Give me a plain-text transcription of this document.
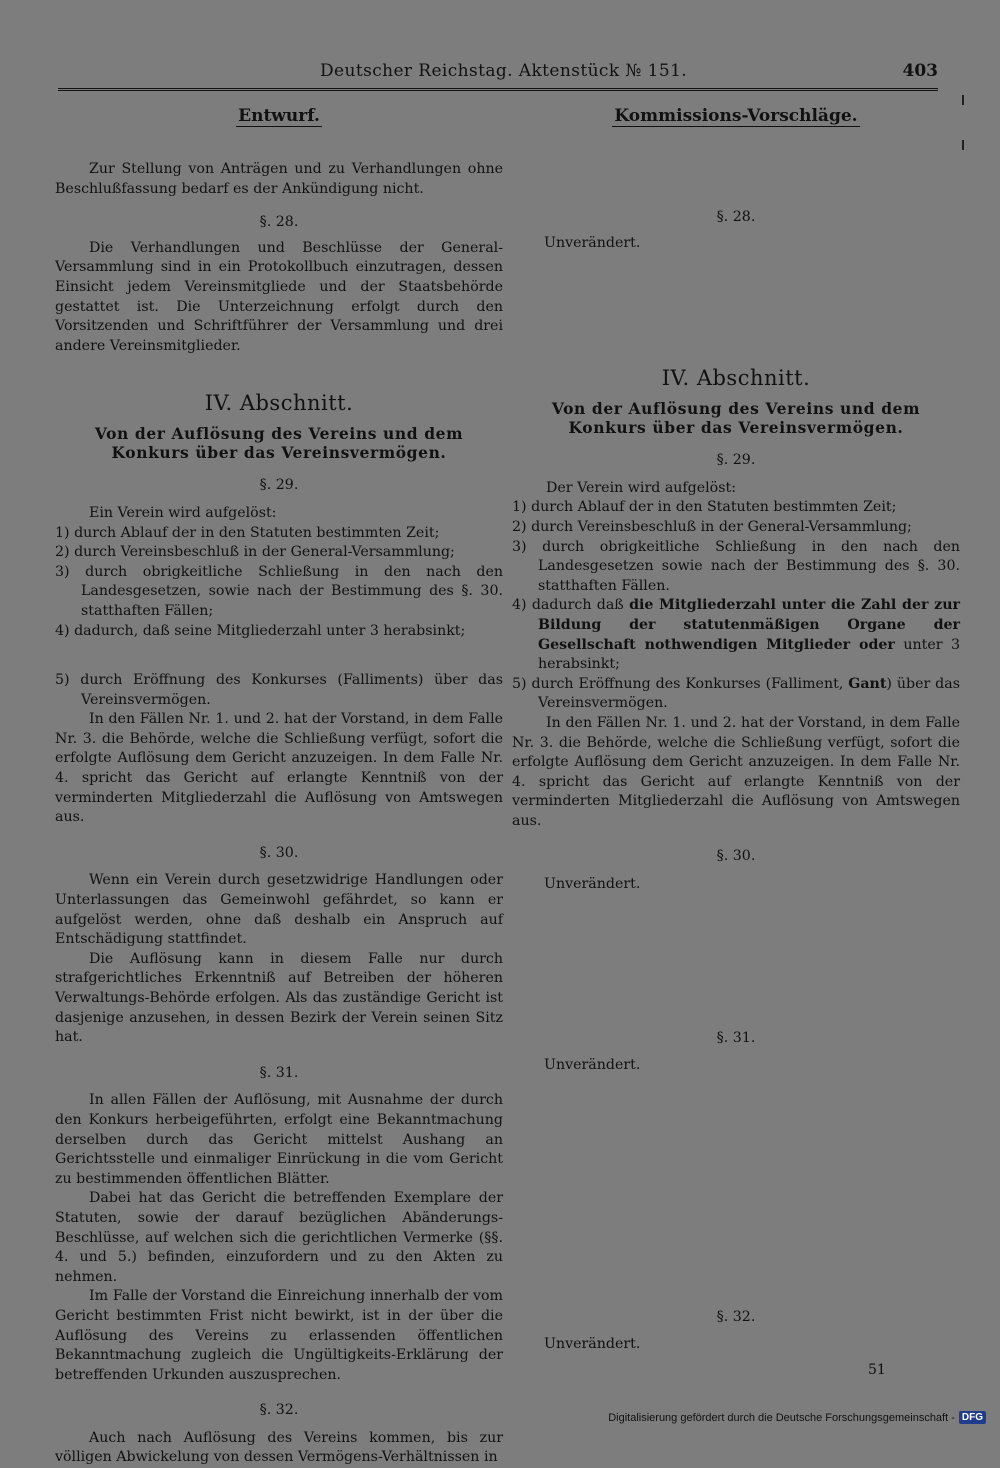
Deutscher Reichstag. Aktenstück № 151.	403
Entwurf.

Zur Stellung von Anträgen und zu Verhandlungen ohne Beschlußfassung bedarf es der Ankündigung nicht.

§. 28.

Die Verhandlungen und Beschlüsse der General-Versammlung sind in ein Protokollbuch einzutragen, dessen Einsicht jedem Vereinsmitgliede und der Staatsbehörde gestattet ist. Die Unterzeichnung erfolgt durch den Vorsitzenden und Schriftführer der Versammlung und drei andere Vereinsmitglieder.

IV. Abschnitt.
Von der Auflösung des Vereins und dem Konkurs über das Vereinsvermögen.
§. 29.

Ein Verein wird aufgelöst:

1) durch Ablauf der in den Statuten bestimmten Zeit;
2) durch Vereinsbeschluß in der General-Versammlung;
3) durch obrigkeitliche Schließung in den nach den Landesgesetzen, sowie nach der Bestimmung des §. 30. statthaften Fällen;
4) dadurch, daß seine Mitgliederzahl unter 3 herabsinkt;
5) durch Eröffnung des Konkurses (Falliments) über das Vereinsvermögen.

In den Fällen Nr. 1. und 2. hat der Vorstand, in dem Falle Nr. 3. die Behörde, welche die Schließung verfügt, sofort die erfolgte Auflösung dem Gericht anzuzeigen. In dem Falle Nr. 4. spricht das Gericht auf erlangte Kenntniß von der verminderten Mitgliederzahl die Auflösung von Amtswegen aus.

§. 30.

Wenn ein Verein durch gesetzwidrige Handlungen oder Unterlassungen das Gemeinwohl gefährdet, so kann er aufgelöst werden, ohne daß deshalb ein Anspruch auf Entschädigung stattfindet.

Die Auflösung kann in diesem Falle nur durch strafgerichtliches Erkenntniß auf Betreiben der höheren Verwaltungs-Behörde erfolgen. Als das zuständige Gericht ist dasjenige anzusehen, in dessen Bezirk der Verein seinen Sitz hat.

§. 31.

In allen Fällen der Auflösung, mit Ausnahme der durch den Konkurs herbeigeführten, erfolgt eine Bekanntmachung derselben durch das Gericht mittelst Aushang an Gerichtsstelle und einmaliger Einrückung in die vom Gericht zu bestimmenden öffentlichen Blätter.

Dabei hat das Gericht die betreffenden Exemplare der Statuten, sowie der darauf bezüglichen Abänderungs-Beschlüsse, auf welchen sich die gerichtlichen Vermerke (§§. 4. und 5.) befinden, einzufordern und zu den Akten zu nehmen.

Im Falle der Vorstand die Einreichung innerhalb der vom Gericht bestimmten Frist nicht bewirkt, ist in der über die Auflösung des Vereins zu erlassenden öffentlichen Bekanntmachung zugleich die Ungültigkeits-Erklärung der betreffenden Urkunden auszusprechen.

§. 32.

Auch nach Auflösung des Vereins kommen, bis zur völligen Abwickelung von dessen Vermögens-Verhältnissen in

Kommissions-Vorschläge.
§. 28.
Unverändert.
IV. Abschnitt.
Von der Auflösung des Vereins und dem Konkurs über das Vereinsvermögen.
§. 29.

Der Verein wird aufgelöst:

1) durch Ablauf der in den Statuten bestimmten Zeit;
2) durch Vereinsbeschluß in der General-Versammlung;
3) durch obrigkeitliche Schließung in den nach den Landesgesetzen sowie nach der Bestimmung des §. 30. statthaften Fällen.
4) dadurch daß die Mitgliederzahl unter die Zahl der zur Bildung der statutenmäßigen Organe der Gesellschaft nothwendigen Mitglieder oder unter 3 herabsinkt;
5) durch Eröffnung des Konkurses (Falliment, Gant) über das Vereinsvermögen.

In den Fällen Nr. 1. und 2. hat der Vorstand, in dem Falle Nr. 3. die Behörde, welche die Schließung verfügt, sofort die erfolgte Auflösung dem Gericht anzuzeigen. In dem Falle Nr. 4. spricht das Gericht auf erlangte Kenntniß von der verminderten Mitgliederzahl die Auflösung von Amtswegen aus.

§. 30.
Unverändert.
§. 31.
Unverändert.
§. 32.
Unverändert.
51
Digitalisierung gefördert durch die Deutsche Forschungsgemeinschaft - DFG
